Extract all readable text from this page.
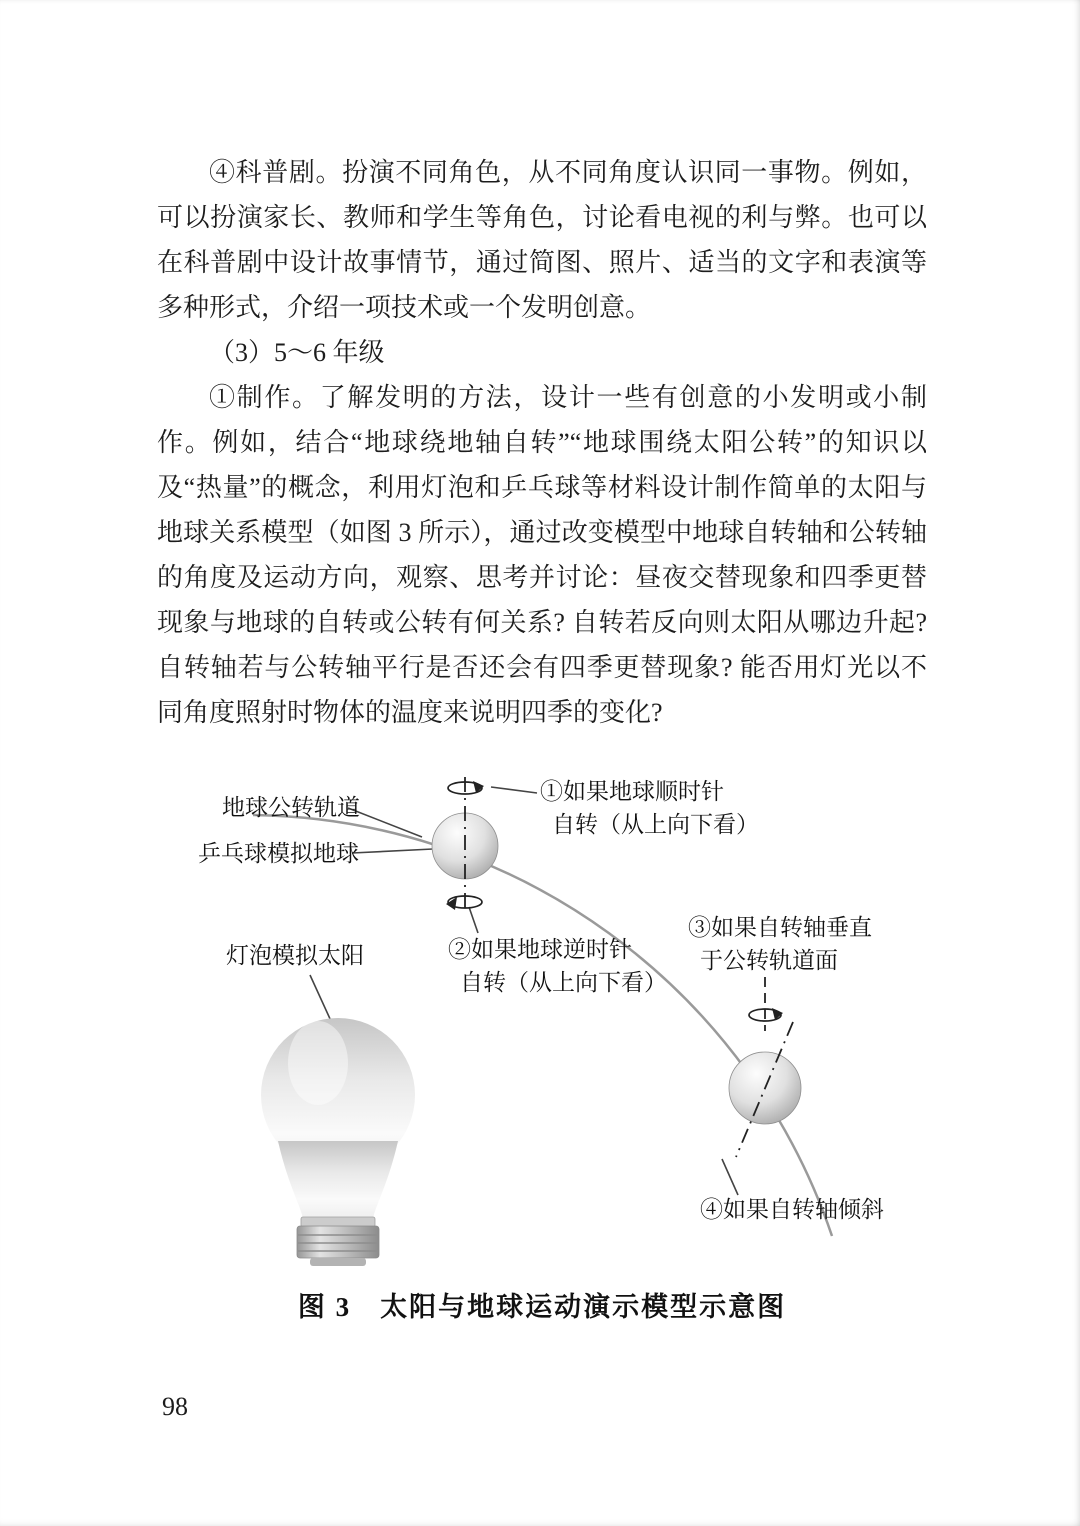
④科普剧。扮演不同角色，从不同角度认识同一事物。例如，可以扮演家长、教师和学生等角色，讨论看电视的利与弊。也可以在科普剧中设计故事情节，通过简图、照片、适当的文字和表演等多种形式，介绍一项技术或一个发明创意。

（3）5～6 年级

①制作。了解发明的方法，设计一些有创意的小发明或小制作。例如，结合“地球绕地轴自转”“地球围绕太阳公转”的知识以及“热量”的概念，利用灯泡和乒乓球等材料设计制作简单的太阳与地球关系模型（如图 3 所示），通过改变模型中地球自转轴和公转轴的角度及运动方向，观察、思考并讨论：昼夜交替现象和四季更替现象与地球的自转或公转有何关系? 自转若反向则太阳从哪边升起? 自转轴若与公转轴平行是否还会有四季更替现象? 能否用灯光以不同角度照射时物体的温度来说明四季的变化?

地球公转轨道
乒乓球模拟地球
灯泡模拟太阳
①如果地球顺时针
自转（从上向下看）
②如果地球逆时针
自转（从上向下看）
③如果自转轴垂直
于公转轨道面
④如果自转轴倾斜
图 3　太阳与地球运动演示模型示意图
98
